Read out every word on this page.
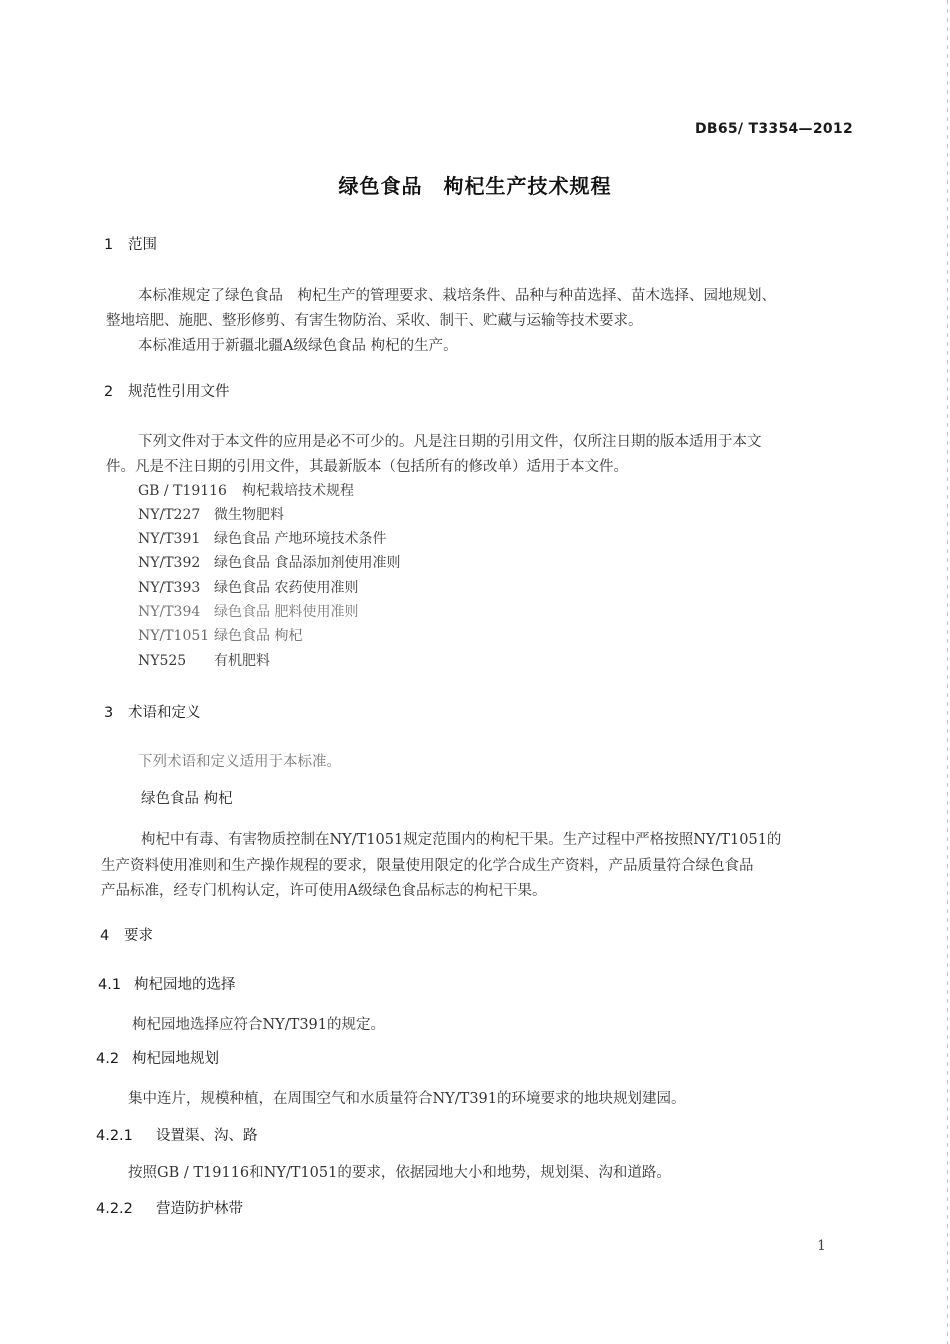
DB65/ T3354—2012
绿色食品　枸杞生产技术规程
1 范围
本标准规定了绿色食品　枸杞生产的管理要求、栽培条件、品种与种苗选择、苗木选择、园地规划、
整地培肥、施肥、整形修剪、有害生物防治、采收、制干、贮藏与运输等技术要求。
本标准适用于新疆北疆A级绿色食品 枸杞的生产。
2 规范性引用文件
下列文件对于本文件的应用是必不可少的。凡是注日期的引用文件，仅所注日期的版本适用于本文
件。凡是不注日期的引用文件，其最新版本（包括所有的修改单）适用于本文件。
GB / T19116 枸杞栽培技术规程
NY/T227 微生物肥料
NY/T391 绿色食品 产地环境技术条件
NY/T392 绿色食品 食品添加剂使用准则
NY/T393 绿色食品 农药使用准则
NY/T394 绿色食品 肥料使用准则
NY/T1051 绿色食品 枸杞
NY525 有机肥料
3 术语和定义
下列术语和定义适用于本标准。
绿色食品 枸杞
枸杞中有毒、有害物质控制在NY/T1051规定范围内的枸杞干果。生产过程中严格按照NY/T1051的
生产资料使用准则和生产操作规程的要求，限量使用限定的化学合成生产资料，产品质量符合绿色食品
产品标准，经专门机构认定，许可使用A级绿色食品标志的枸杞干果。
4 要求
4.1 枸杞园地的选择
枸杞园地选择应符合NY/T391的规定。
4.2 枸杞园地规划
集中连片，规模种植，在周围空气和水质量符合NY/T391的环境要求的地块规划建园。
4.2.1 设置渠、沟、路
按照GB / T19116和NY/T1051的要求，依据园地大小和地势，规划渠、沟和道路。
4.2.2 营造防护林带
1
